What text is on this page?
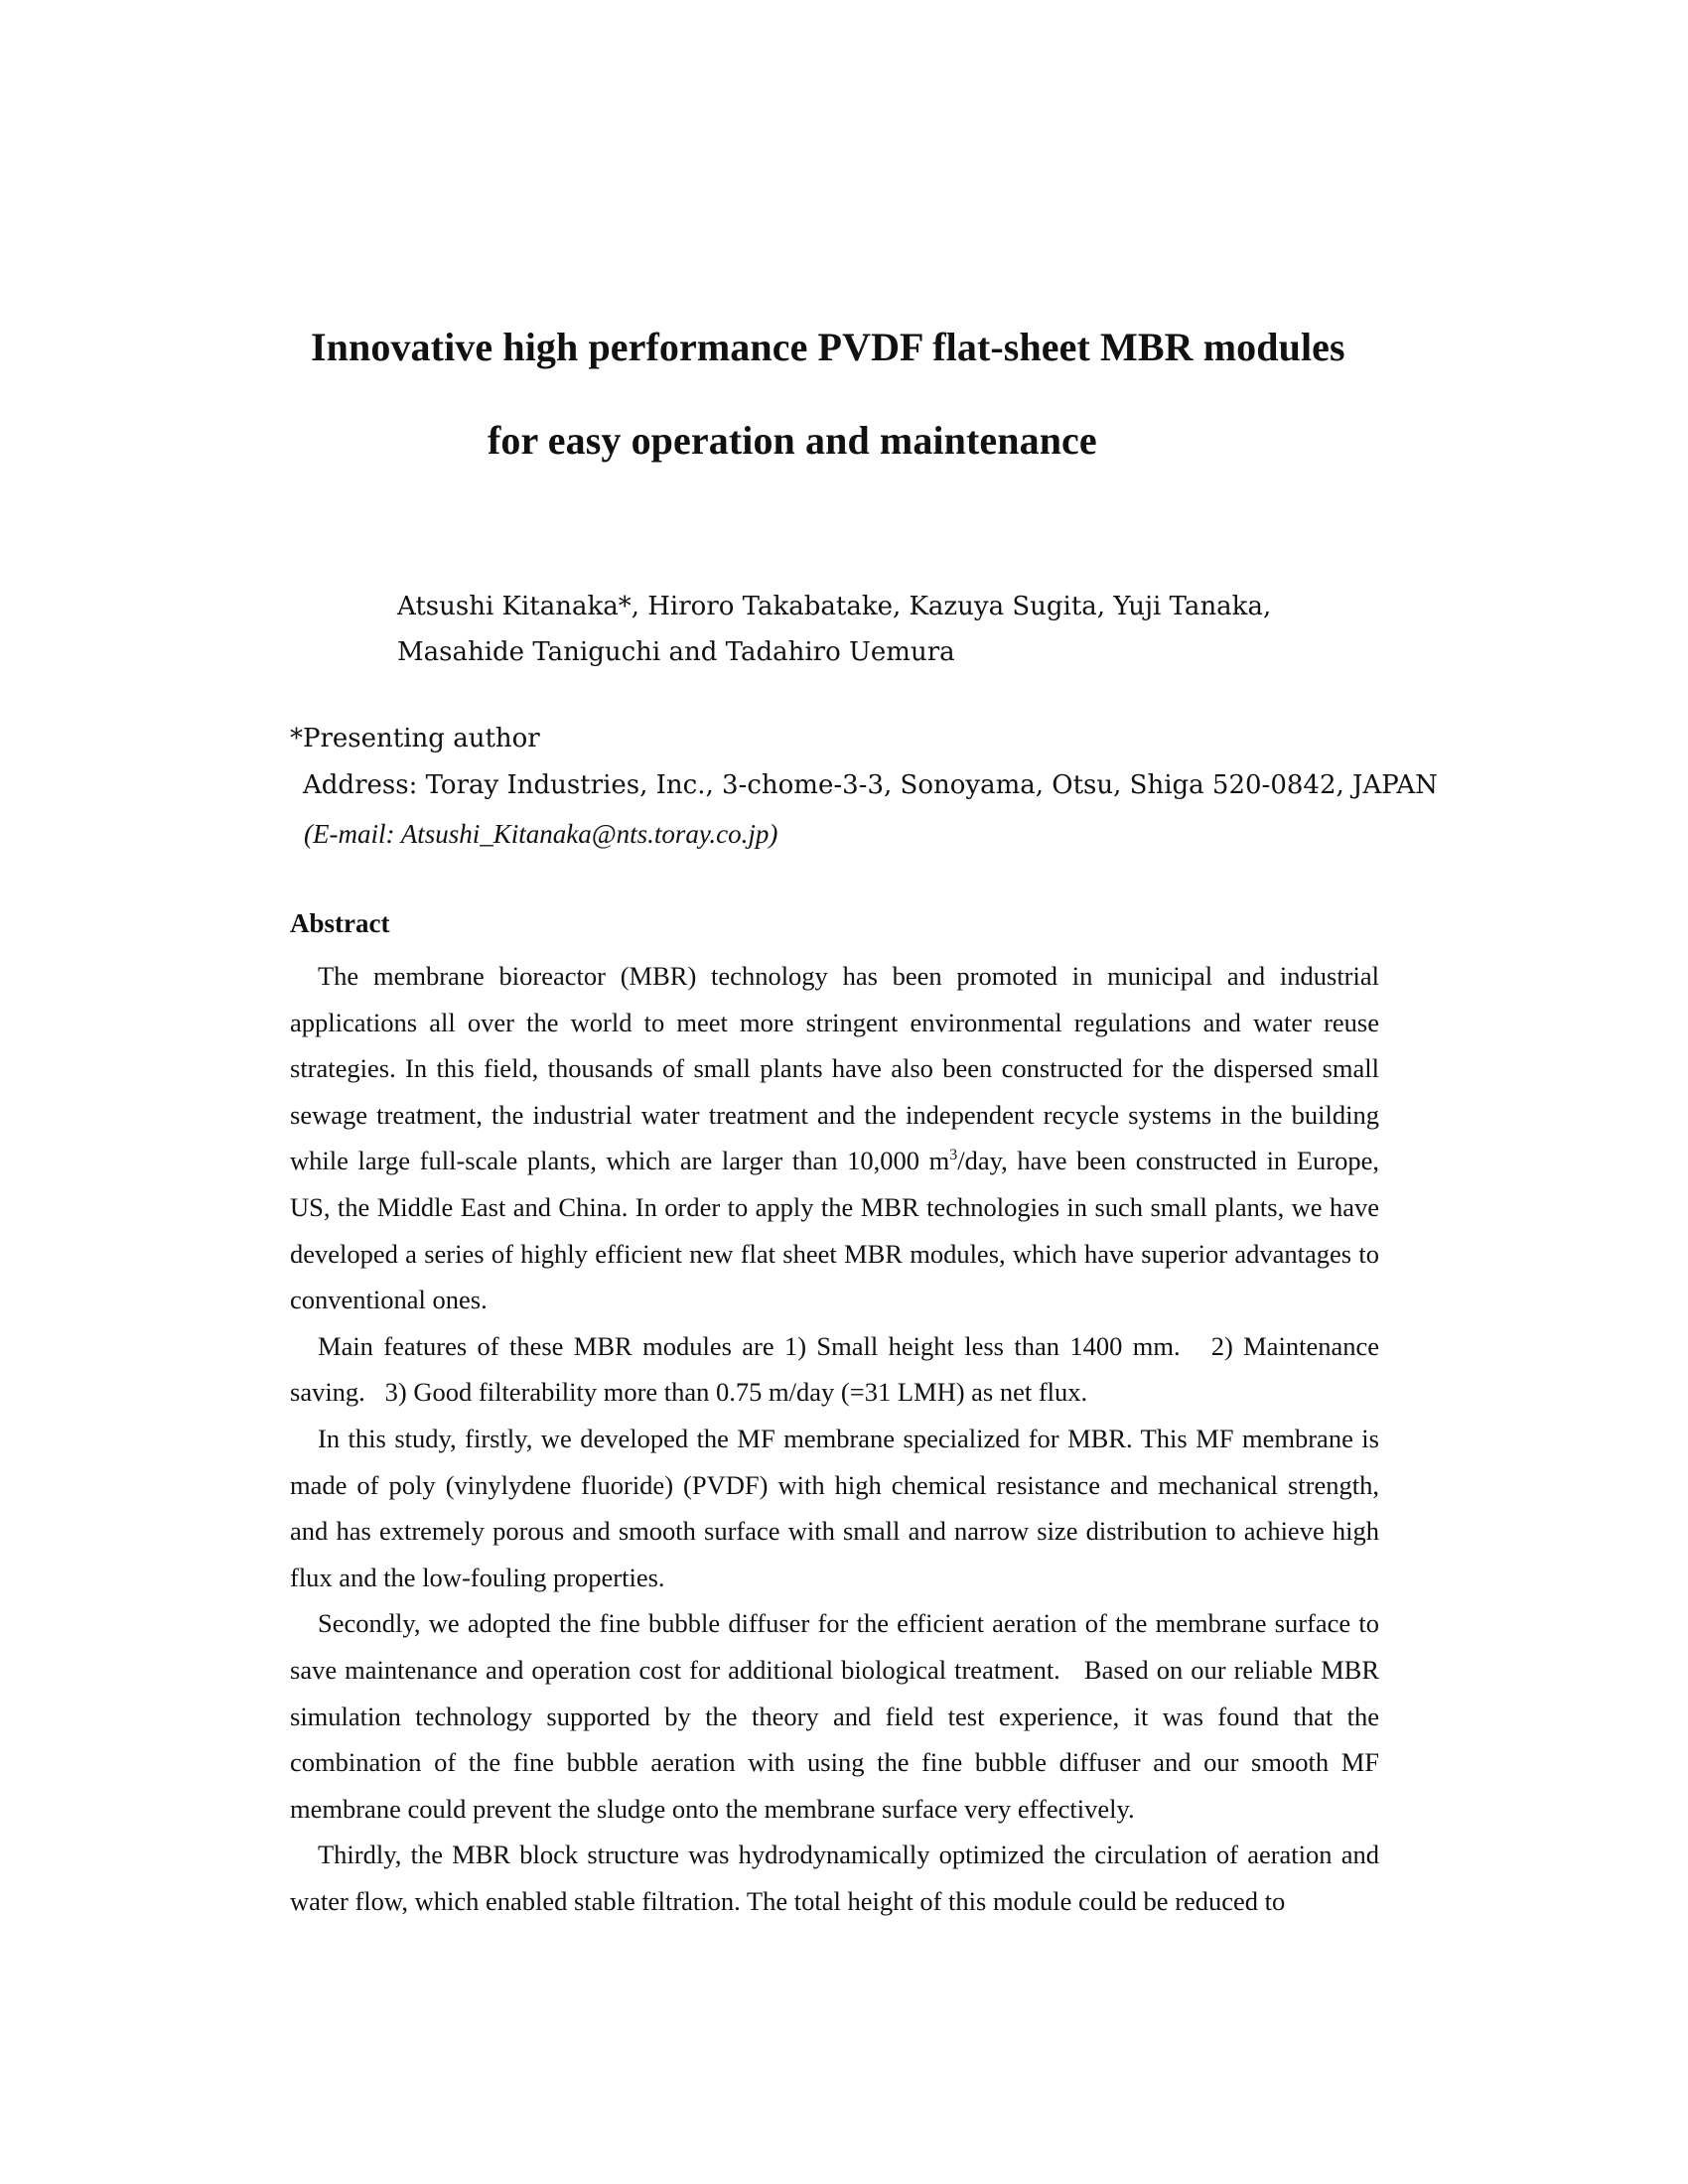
Innovative high performance PVDF flat-sheet MBR modules
for easy operation and maintenance
Atsushi Kitanaka*, Hiroro Takabatake, Kazuya Sugita, Yuji Tanaka,
Masahide Taniguchi and Tadahiro Uemura
*Presenting author
Address: Toray Industries, Inc., 3-chome-3-3, Sonoyama, Otsu, Shiga 520-0842, JAPAN
(E-mail: Atsushi_Kitanaka@nts.toray.co.jp)
Abstract

The membrane bioreactor (MBR) technology has been promoted in municipal and industrial applications all over the world to meet more stringent environmental regulations and water reuse strategies. In this field, thousands of small plants have also been constructed for the dispersed small sewage treatment, the industrial water treatment and the independent recycle systems in the building while large full-scale plants, which are larger than 10,000 $m^3$/day, have been constructed in Europe, US, the Middle East and China. In order to apply the MBR technologies in such small plants, we have developed a series of highly efficient new flat sheet MBR modules, which have superior advantages to conventional ones.

Main features of these MBR modules are 1) Small height less than 1400 mm.   2) Maintenance saving.   3) Good filterability more than 0.75 m/day (=31 LMH) as net flux.

In this study, firstly, we developed the MF membrane specialized for MBR. This MF membrane is made of poly (vinylydene fluoride) (PVDF) with high chemical resistance and mechanical strength, and has extremely porous and smooth surface with small and narrow size distribution to achieve high flux and the low-fouling properties.

Secondly, we adopted the fine bubble diffuser for the efficient aeration of the membrane surface to save maintenance and operation cost for additional biological treatment.   Based on our reliable MBR simulation technology supported by the theory and field test experience, it was found that the combination of the fine bubble aeration with using the fine bubble diffuser and our smooth MF membrane could prevent the sludge onto the membrane surface very effectively.

Thirdly, the MBR block structure was hydrodynamically optimized the circulation of aeration and water flow, which enabled stable filtration. The total height of this module could be reduced to
